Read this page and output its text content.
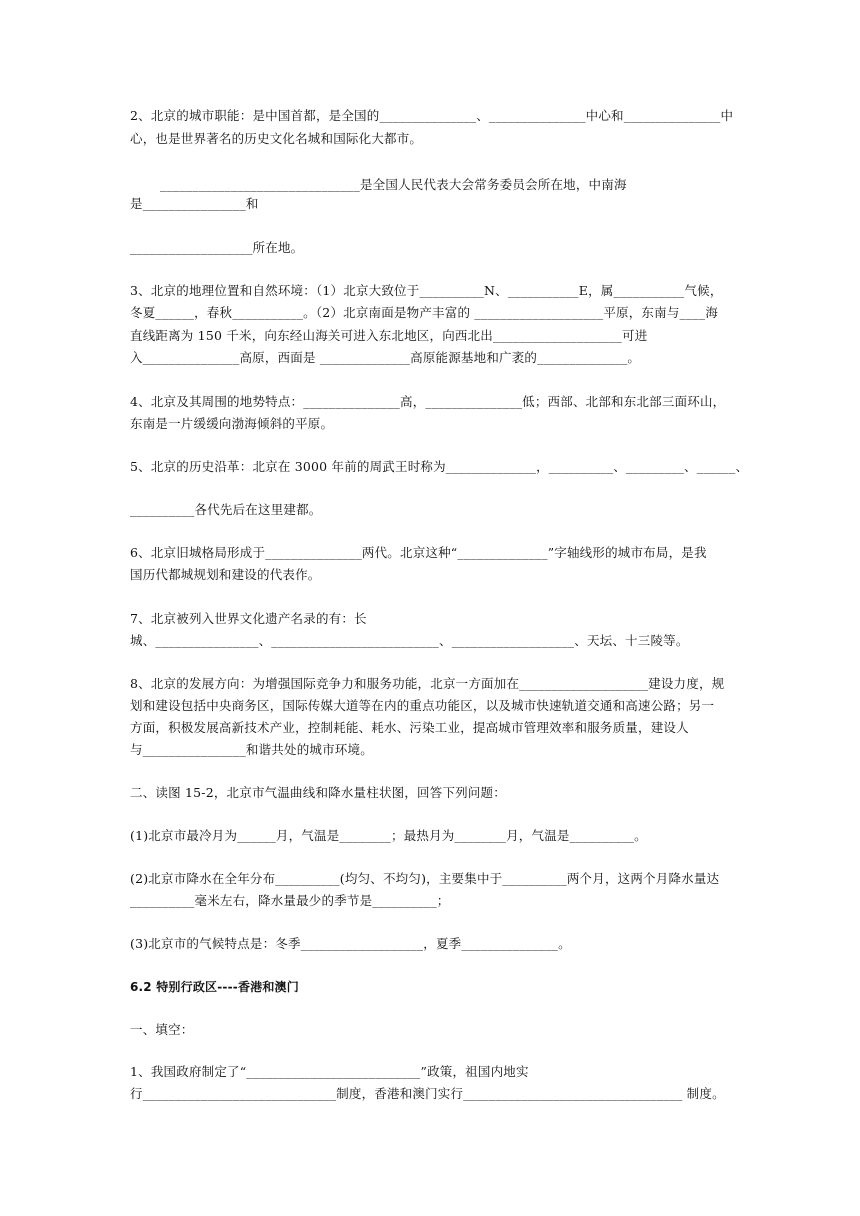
2、北京的城市职能：是中国首都，是全国的_______________、_______________中心和_______________中
心，也是世界著名的历史文化名城和国际化大都市。
_______________________________是全国人民代表大会常务委员会所在地，中南海
是________________和
___________________所在地。
3、北京的地理位置和自然环境：（1）北京大致位于__________N、___________E，属___________气候，
冬夏______，春秋___________。（2）北京南面是物产丰富的 ____________________平原，东南与____海
直线距离为 150 千米，向东经山海关可进入东北地区，向西北出____________________可进
入_______________高原，西面是 ______________高原能源基地和广袤的______________。
4、北京及其周围的地势特点：_______________高，_______________低；西部、北部和东北部三面环山，
东南是一片缓缓向渤海倾斜的平原。
5、北京的历史沿革：北京在 3000 年前的周武王时称为______________，__________、_________、______、
__________各代先后在这里建都。
6、北京旧城格局形成于_______________两代。北京这种“______________”字轴线形的城市布局，是我
国历代都城规划和建设的代表作。
7、北京被列入世界文化遗产名录的有：长
城、________________、__________________________、___________________、天坛、十三陵等。
8、北京的发展方向：为增强国际竞争力和服务功能，北京一方面加在____________________建设力度，规
划和建设包括中央商务区，国际传媒大道等在内的重点功能区，以及城市快速轨道交通和高速公路；另一
方面，积极发展高新技术产业，控制耗能、耗水、污染工业，提高城市管理效率和服务质量，建设人
与________________和谐共处的城市环境。
二、读图 15-2，北京市气温曲线和降水量柱状图，回答下列问题：
(1)北京市最冷月为______月，气温是________；最热月为________月，气温是__________。
(2)北京市降水在全年分布__________(均匀、不均匀)，主要集中于__________两个月，这两个月降水量达
__________毫米左右，降水量最少的季节是__________；
(3)北京市的气候特点是：冬季___________________，夏季_______________。
6.2 特别行政区----香港和澳门
一、填空：
1、我国政府制定了“___________________________”政策，祖国内地实
行______________________________制度，香港和澳门实行__________________________________ 制度。
